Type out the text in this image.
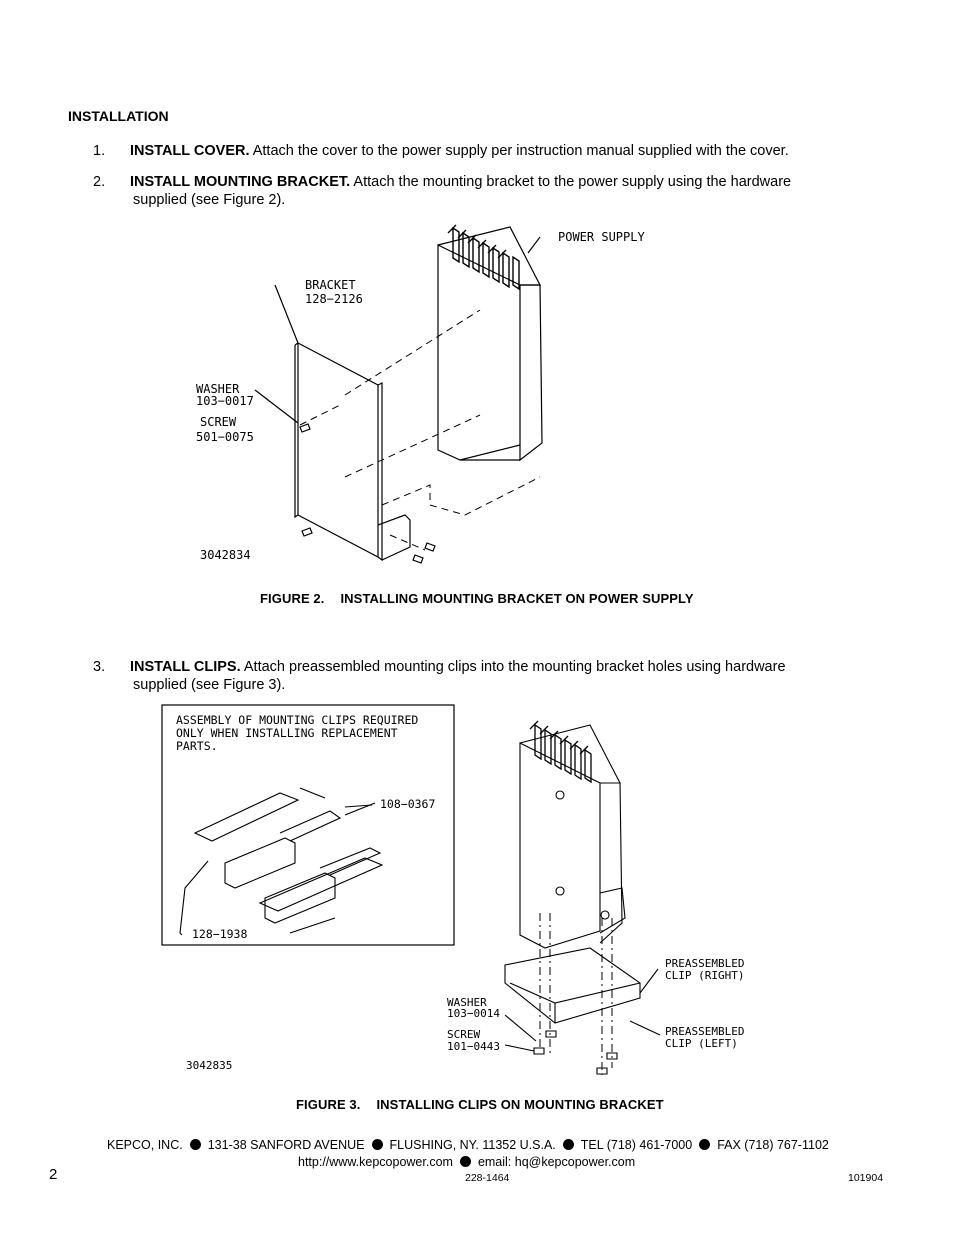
INSTALLATION
1. INSTALL COVER. Attach the cover to the power supply per instruction manual supplied with the cover.
2. INSTALL MOUNTING BRACKET. Attach the mounting bracket to the power supply using the hardware
supplied (see Figure 2).
POWER SUPPLY
BRACKET
128−2126
WASHER
103−0017
SCREW
501−0075
3042834
FIGURE 2. INSTALLING MOUNTING BRACKET ON POWER SUPPLY
3. INSTALL CLIPS. Attach preassembled mounting clips into the mounting bracket holes using hardware
supplied (see Figure 3).
ASSEMBLY OF MOUNTING CLIPS REQUIRED
ONLY WHEN INSTALLING REPLACEMENT
PARTS.
108−0367
128−1938
PREASSEMBLED
CLIP (RIGHT)
PREASSEMBLED
CLIP (LEFT)
WASHER
103−0014
SCREW
101−0443
3042835
FIGURE 3. INSTALLING CLIPS ON MOUNTING BRACKET
KEPCO, INC. 131-38 SANFORD AVENUE FLUSHING, NY. 11352 U.S.A. TEL (718) 461-7000 FAX (718) 767-1102
http://www.kepcopower.com email: hq@kepcopower.com
2	228-1464	101904
